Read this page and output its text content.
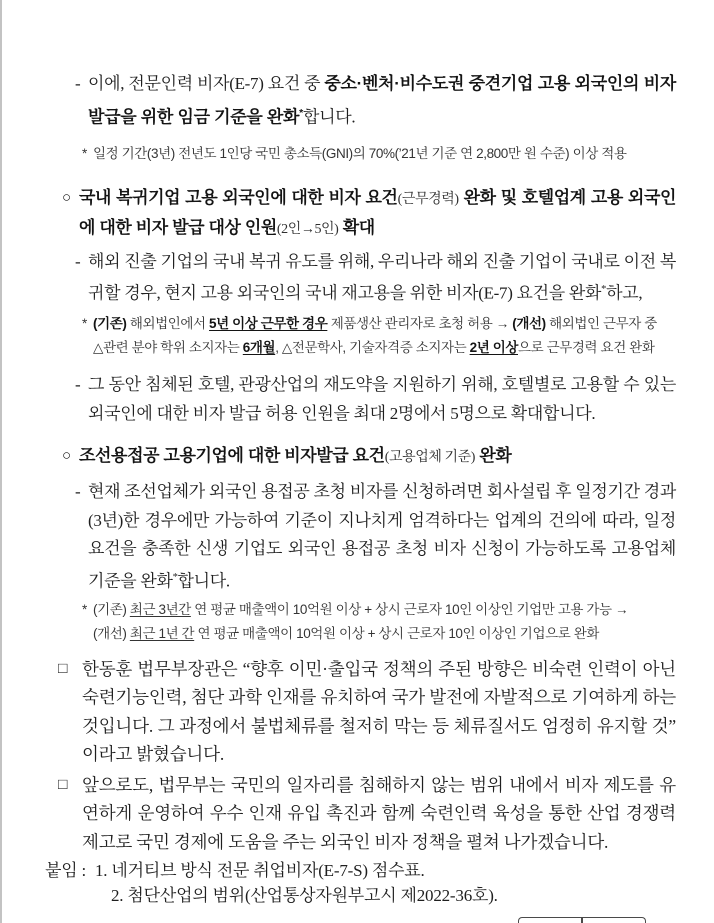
- 이에, 전문인력 비자(E-7) 요건 중 중소·벤처·비수도권 중견기업 고용 외국인의 비자 발급을 위한 임금 기준을 완화*합니다.
* 일정 기간(3년) 전년도 1인당 국민 총소득(GNI)의 70%(’21년 기준 연 2,800만 원 수준) 이상 적용
○ 국내 복귀기업 고용 외국인에 대한 비자 요건(근무경력) 완화 및 호텔업계 고용 외국인에 대한 비자 발급 대상 인원(2인→5인) 확대
- 해외 진출 기업의 국내 복귀 유도를 위해, 우리나라 해외 진출 기업이 국내로 이전 복귀할 경우, 현지 고용 외국인의 국내 재고용을 위한 비자(E-7) 요건을 완화*하고,
* (기존) 해외법인에서 5년 이상 근무한 경우 제품생산 관리자로 초청 허용 → (개선) 해외법인 근무자 중
△관련 분야 학위 소지자는 6개월, △전문학사, 기술자격증 소지자는 2년 이상으로 근무경력 요건 완화
- 그 동안 침체된 호텔, 관광산업의 재도약을 지원하기 위해, 호텔별로 고용할 수 있는 외국인에 대한 비자 발급 허용 인원을 최대 2명에서 5명으로 확대합니다.
○ 조선용접공 고용기업에 대한 비자발급 요건(고용업체 기준) 완화
- 현재 조선업체가 외국인 용접공 초청 비자를 신청하려면 회사설립 후 일정기간 경과(3년)한 경우에만 가능하여 기준이 지나치게 엄격하다는 업계의 건의에 따라, 일정요건을 충족한 신생 기업도 외국인 용접공 초청 비자 신청이 가능하도록 고용업체 기준을 완화*합니다.
* (기존) 최근 3년간 연 평균 매출액이 10억원 이상 + 상시 근로자 10인 이상인 기업만 고용 가능 →
(개선) 최근 1년 간 연 평균 매출액이 10억원 이상 + 상시 근로자 10인 이상인 기업으로 완화
□ 한동훈 법무부장관은 “향후 이민·출입국 정책의 주된 방향은 비숙련 인력이 아닌 숙련기능인력, 첨단 과학 인재를 유치하여 국가 발전에 자발적으로 기여하게 하는 것입니다. 그 과정에서 불법체류를 철저히 막는 등 체류질서도 엄정히 유지할 것” 이라고 밝혔습니다.
□ 앞으로도, 법무부는 국민의 일자리를 침해하지 않는 범위 내에서 비자 제도를 유연하게 운영하여 우수 인재 유입 촉진과 함께 숙련인력 육성을 통한 산업 경쟁력 제고로 국민 경제에 도움을 주는 외국인 비자 정책을 펼쳐 나가겠습니다.
붙임 : 1. 네거티브 방식 전문 취업비자(E-7-S) 점수표.
2. 첨단산업의 범위(산업통상자원부고시 제2022-36호).
